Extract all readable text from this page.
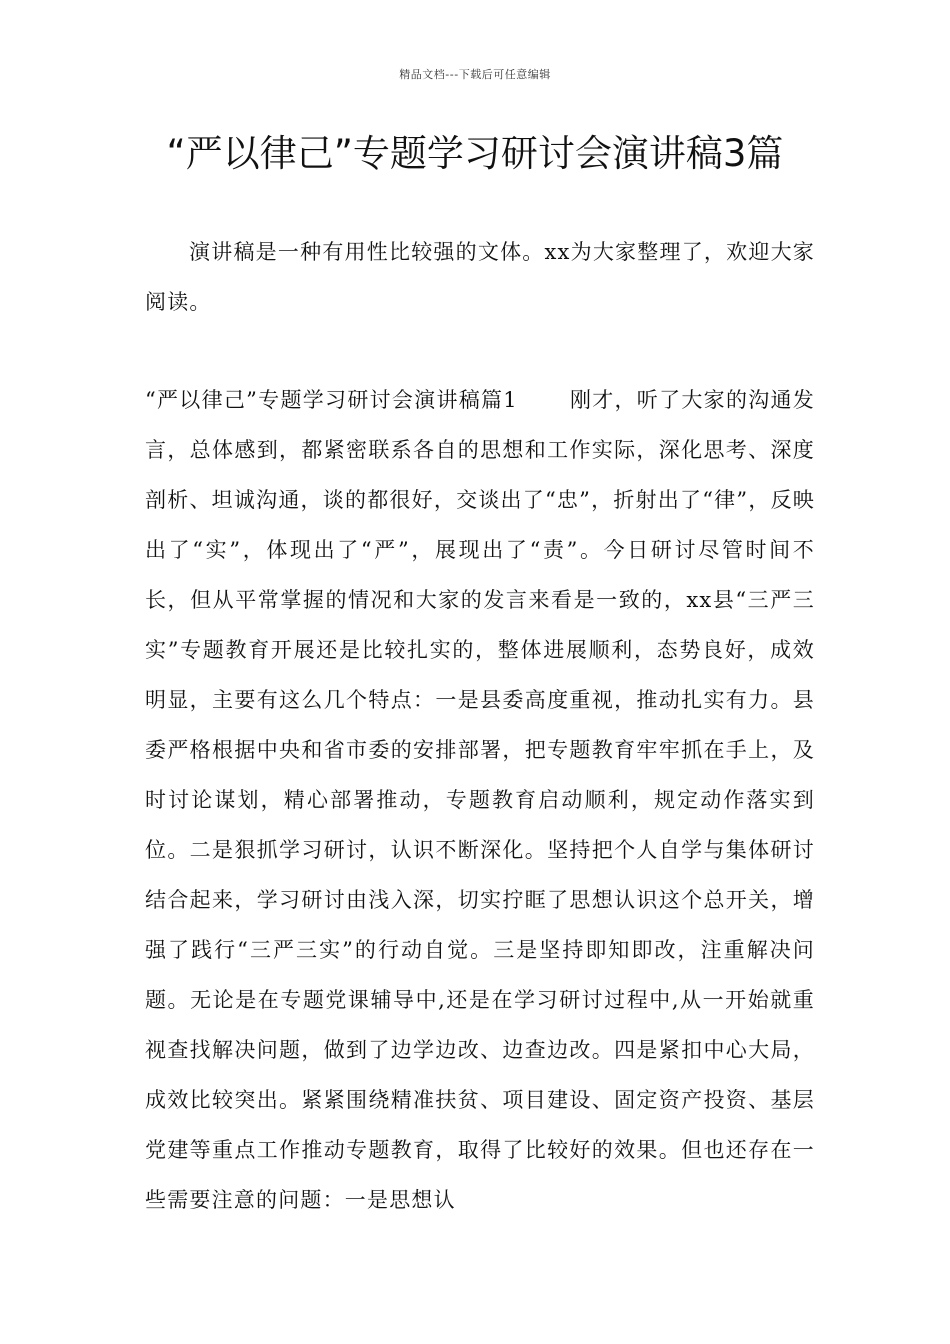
精品文档---下载后可任意编辑
“严以律己”专题学习研讨会演讲稿3篇

演讲稿是一种有用性比较强的文体。xx为大家整理了，欢迎大家阅读。

“严以律己”专题学习研讨会演讲稿篇1 刚才，听了大家的沟通发言，总体感到，都紧密联系各自的思想和工作实际，深化思考、深度剖析、坦诚沟通，谈的都很好，交谈出了“忠”，折射出了“律”，反映出了“实”，体现出了“严”，展现出了“责”。今日研讨尽管时间不长，但从平常掌握的情况和大家的发言来看是一致的，xx县“三严三实”专题教育开展还是比较扎实的，整体进展顺利，态势良好，成效明显，主要有这么几个特点：一是县委高度重视，推动扎实有力。县委严格根据中央和省市委的安排部署，把专题教育牢牢抓在手上，及时讨论谋划，精心部署推动，专题教育启动顺利，规定动作落实到位。二是狠抓学习研讨，认识不断深化。坚持把个人自学与集体研讨结合起来，学习研讨由浅入深，切实拧眶了思想认识这个总开关，增强了践行“三严三实”的行动自觉。三是坚持即知即改，注重解决问题。无论是在专题党课辅导中,还是在学习研讨过程中,从一开始就重视查找解决问题，做到了边学边改、边查边改。四是紧扣中心大局，成效比较突出。紧紧围绕精准扶贫、项目建设、固定资产投资、基层党建等重点工作推动专题教育，取得了比较好的效果。但也还存在一些需要注意的问题：一是思想认
